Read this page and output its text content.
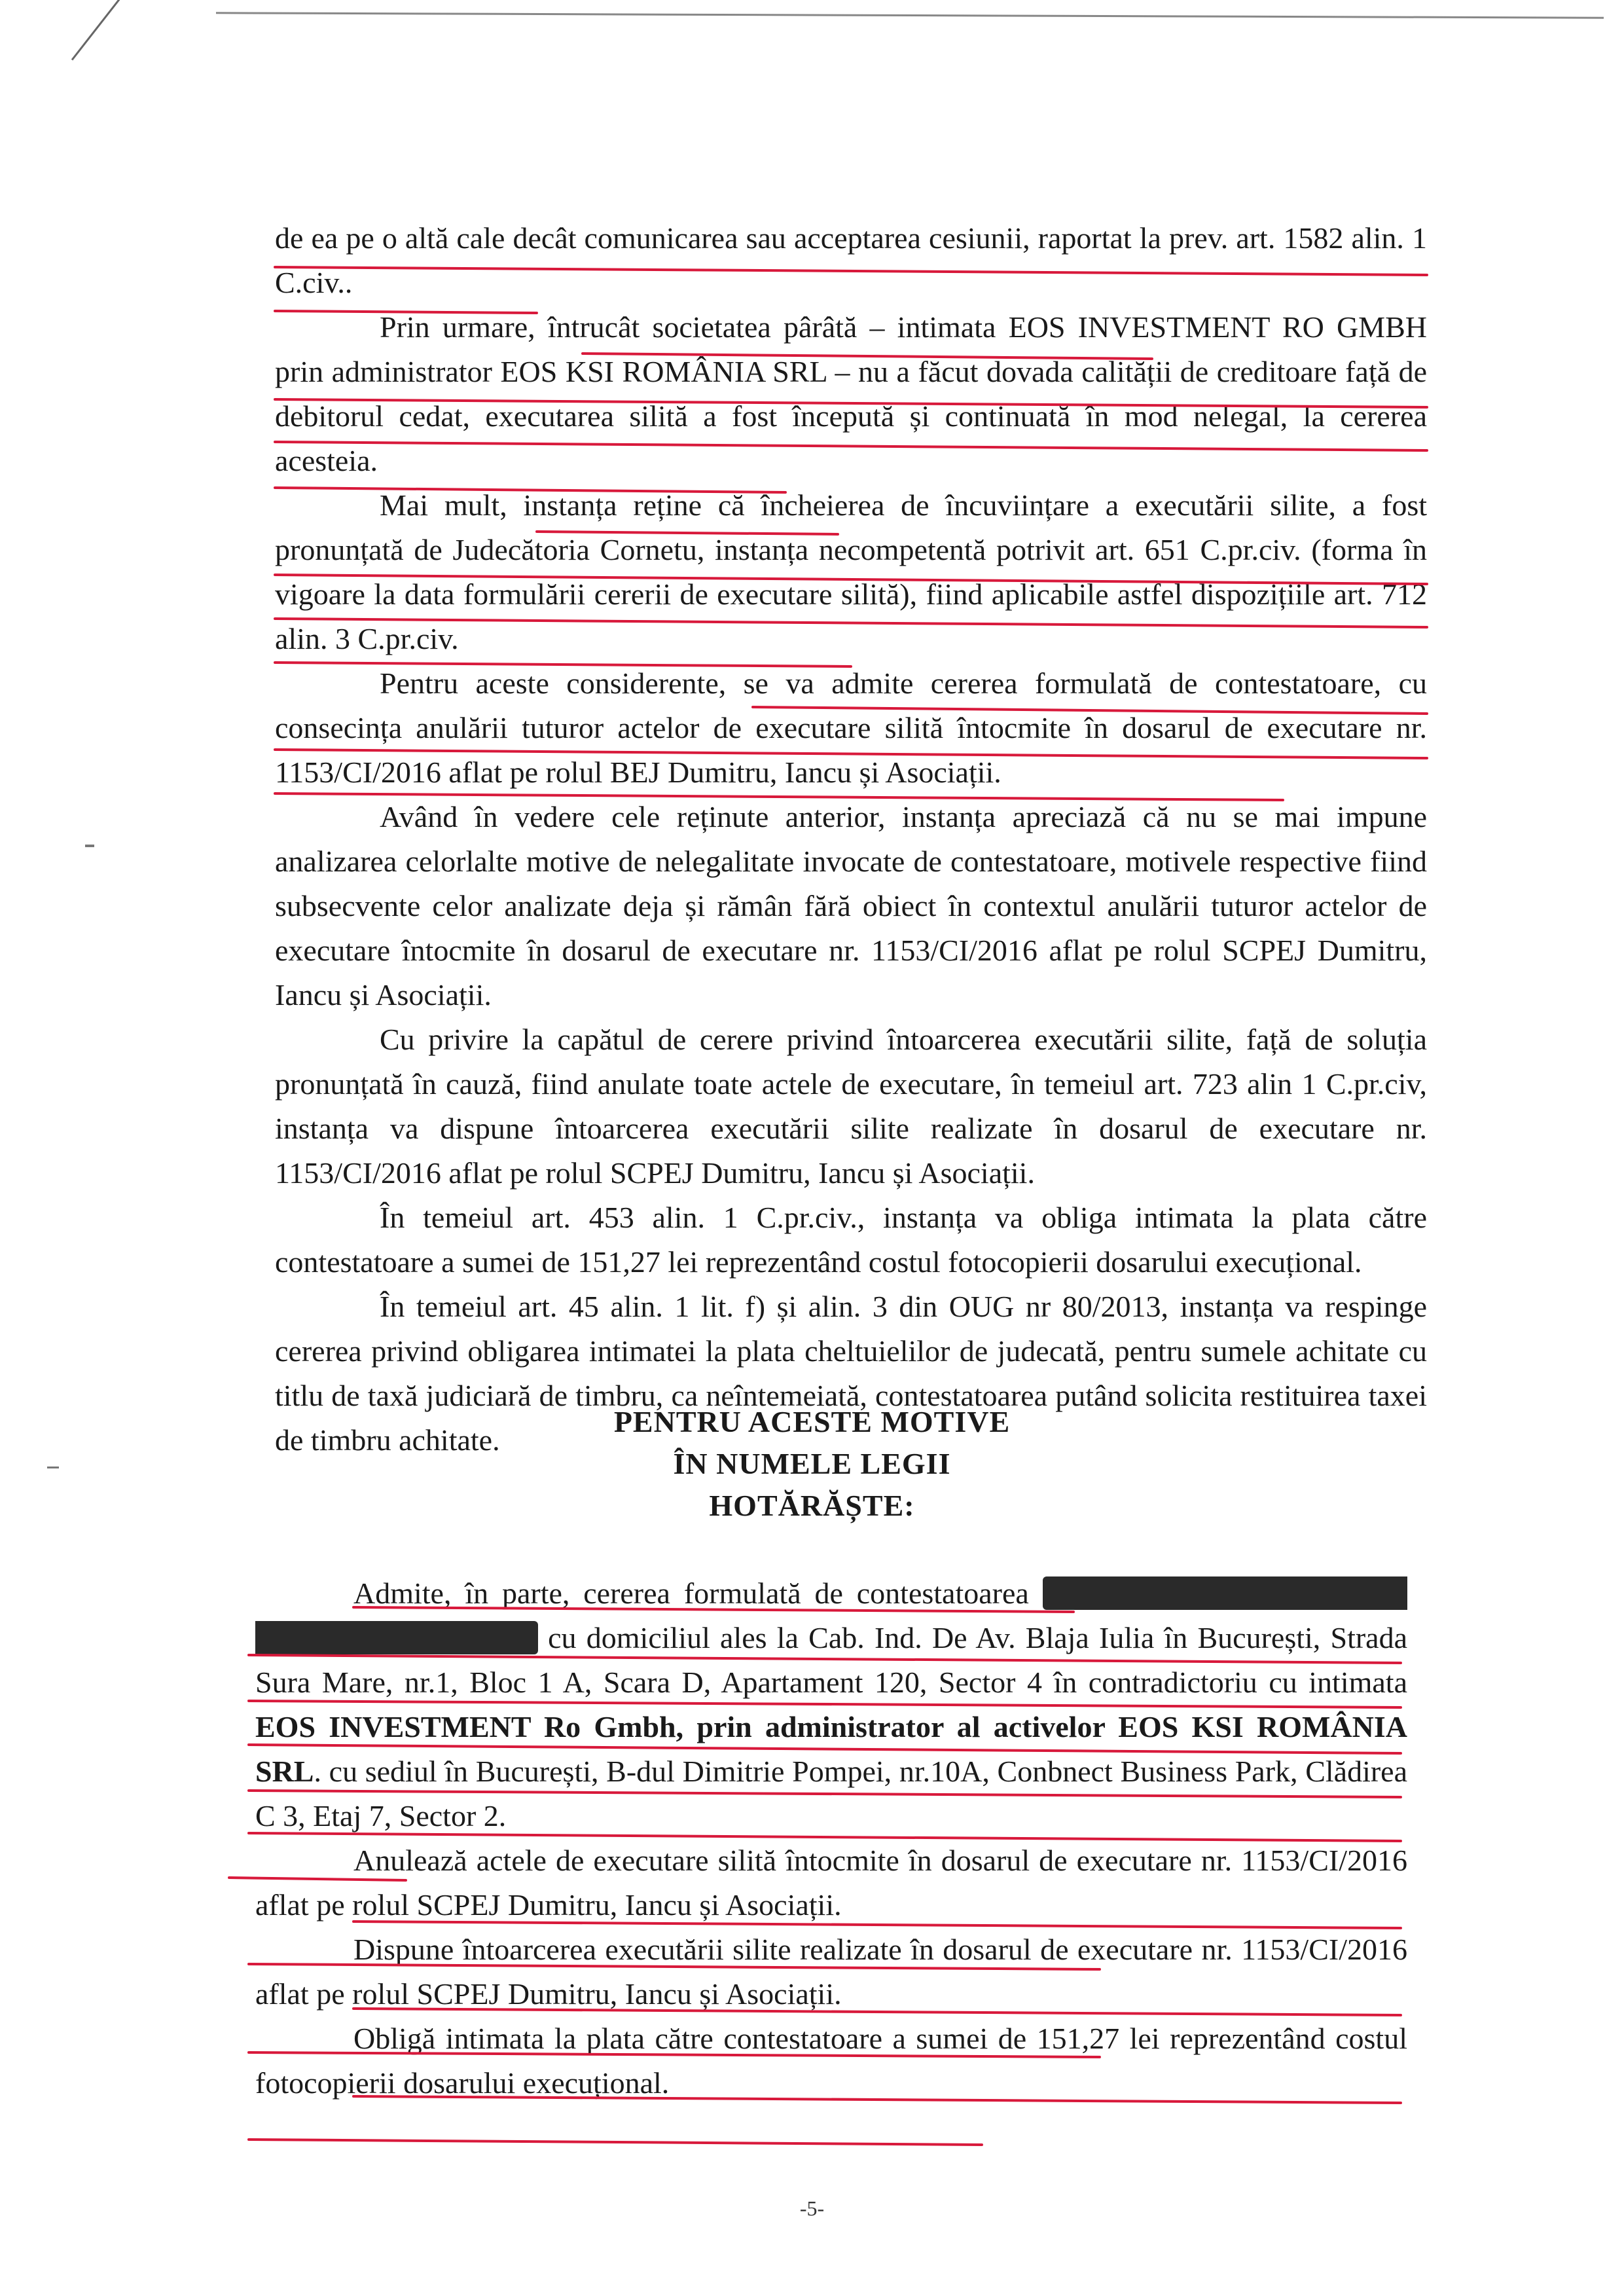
de ea pe o altă cale decât comunicarea sau acceptarea cesiunii, raportat la prev. art. 1582 alin. 1 C.civ..

Prin urmare, întrucât societatea pârâtă – intimata EOS INVESTMENT RO GMBH prin administrator EOS KSI ROMÂNIA SRL – nu a făcut dovada calității de creditoare față de debitorul cedat, executarea silită a fost începută și continuată în mod nelegal, la cererea acesteia.

Mai mult, instanța reține că încheierea de încuviințare a executării silite, a fost pronunțată de Judecătoria Cornetu, instanța necompetentă potrivit art. 651 C.pr.civ. (forma în vigoare la data formulării cererii de executare silită), fiind aplicabile astfel dispozițiile art. 712 alin. 3 C.pr.civ.

Pentru aceste considerente, se va admite cererea formulată de contestatoare, cu consecința anulării tuturor actelor de executare silită întocmite în dosarul de executare nr. 1153/CI/2016 aflat pe rolul BEJ Dumitru, Iancu și Asociații.

Având în vedere cele reținute anterior, instanța apreciază că nu se mai impune analizarea celorlalte motive de nelegalitate invocate de contestatoare, motivele respective fiind subsecvente celor analizate deja și rămân fără obiect în contextul anulării tuturor actelor de executare întocmite în dosarul de executare nr. 1153/CI/2016 aflat pe rolul SCPEJ Dumitru, Iancu și Asociații.

Cu privire la capătul de cerere privind întoarcerea executării silite, față de soluția pronunțată în cauză, fiind anulate toate actele de executare, în temeiul art. 723 alin 1 C.pr.civ, instanța va dispune întoarcerea executării silite realizate în dosarul de executare nr. 1153/CI/2016 aflat pe rolul SCPEJ Dumitru, Iancu și Asociații.

În temeiul art. 453 alin. 1 C.pr.civ., instanța va obliga intimata la plata către contestatoare a sumei de 151,27 lei reprezentând costul fotocopierii dosarului execuțional.

În temeiul art. 45 alin. 1 lit. f) și alin. 3 din OUG nr 80/2013, instanța va respinge cererea privind obligarea intimatei la plata cheltuielilor de judecată, pentru sumele achitate cu titlu de taxă judiciară de timbru, ca neîntemeiată, contestatoarea putând solicita restituirea taxei de timbru achitate.

PENTRU ACESTE MOTIVE
ÎN NUMELE LEGII
HOTĂRĂȘTE:

Admite, în parte, cererea formulată de contestatoarea cu domiciliul ales la Cab. Ind. De Av. Blaja Iulia în București, Strada Sura Mare, nr.1, Bloc 1 A, Scara D, Apartament 120, Sector 4 în contradictoriu cu intimata EOS INVESTMENT Ro Gmbh, prin administrator al activelor EOS KSI ROMÂNIA SRL. cu sediul în București, B-dul Dimitrie Pompei, nr.10A, Conbnect Business Park, Clădirea C 3, Etaj 7, Sector 2.

Anulează actele de executare silită întocmite în dosarul de executare nr. 1153/CI/2016 aflat pe rolul SCPEJ Dumitru, Iancu și Asociații.

Dispune întoarcerea executării silite realizate în dosarul de executare nr. 1153/CI/2016 aflat pe rolul SCPEJ Dumitru, Iancu și Asociații.

Obligă intimata la plata către contestatoare a sumei de 151,27 lei reprezentând costul fotocopierii dosarului execuțional.

-5-
